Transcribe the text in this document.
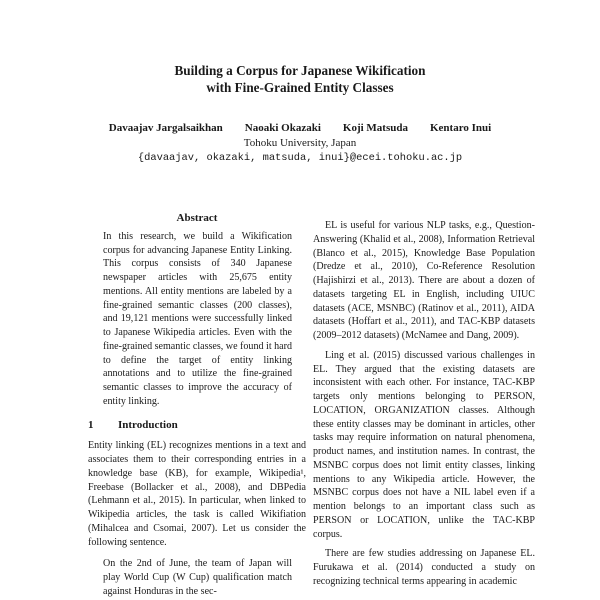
Building a Corpus for Japanese Wikification
with Fine-Grained Entity Classes
Davaajav Jargalsaikhan Naoaki Okazaki Koji Matsuda Kentaro Inui
Tohoku University, Japan
{davaajav, okazaki, matsuda, inui}@ecei.tohoku.ac.jp
Abstract

In this research, we build a Wikification corpus for advancing Japanese Entity Linking. This corpus consists of 340 Japanese newspaper articles with 25,675 entity mentions. All entity mentions are labeled by a fine-grained semantic classes (200 classes), and 19,121 mentions were successfully linked to Japanese Wikipedia articles. Even with the fine-grained semantic classes, we found it hard to define the target of entity linking annotations and to utilize the fine-grained semantic classes to improve the accuracy of entity linking.

1 Introduction

Entity linking (EL) recognizes mentions in a text and associates them to their corresponding entries in a knowledge base (KB), for example, Wikipedia¹, Freebase (Bollacker et al., 2008), and DBPedia (Lehmann et al., 2015). In particular, when linked to Wikipedia articles, the task is called Wikifiation (Mihalcea and Csomai, 2007). Let us consider the following sentence.

On the 2nd of June, the team of Japan will play World Cup (W Cup) qualification match against Honduras in the sec-

EL is useful for various NLP tasks, e.g., Question-Answering (Khalid et al., 2008), Information Retrieval (Blanco et al., 2015), Knowledge Base Population (Dredze et al., 2010), Co-Reference Resolution (Hajishirzi et al., 2013). There are about a dozen of datasets targeting EL in English, including UIUC datasets (ACE, MSNBC) (Ratinov et al., 2011), AIDA datasets (Hoffart et al., 2011), and TAC-KBP datasets (2009–2012 datasets) (McNamee and Dang, 2009).

Ling et al. (2015) discussed various challenges in EL. They argued that the existing datasets are inconsistent with each other. For instance, TAC-KBP targets only mentions belonging to PERSON, LOCATION, ORGANIZATION classes. Although these entity classes may be dominant in articles, other tasks may require information on natural phenomena, product names, and institution names. In contrast, the MSNBC corpus does not limit entity classes, linking mentions to any Wikipedia article. However, the MSNBC corpus does not have a NIL label even if a mention belongs to an important class such as PERSON or LOCATION, unlike the TAC-KBP corpus.

There are few studies addressing on Japanese EL. Furukawa et al. (2014) conducted a study on recognizing technical terms appearing in academic
